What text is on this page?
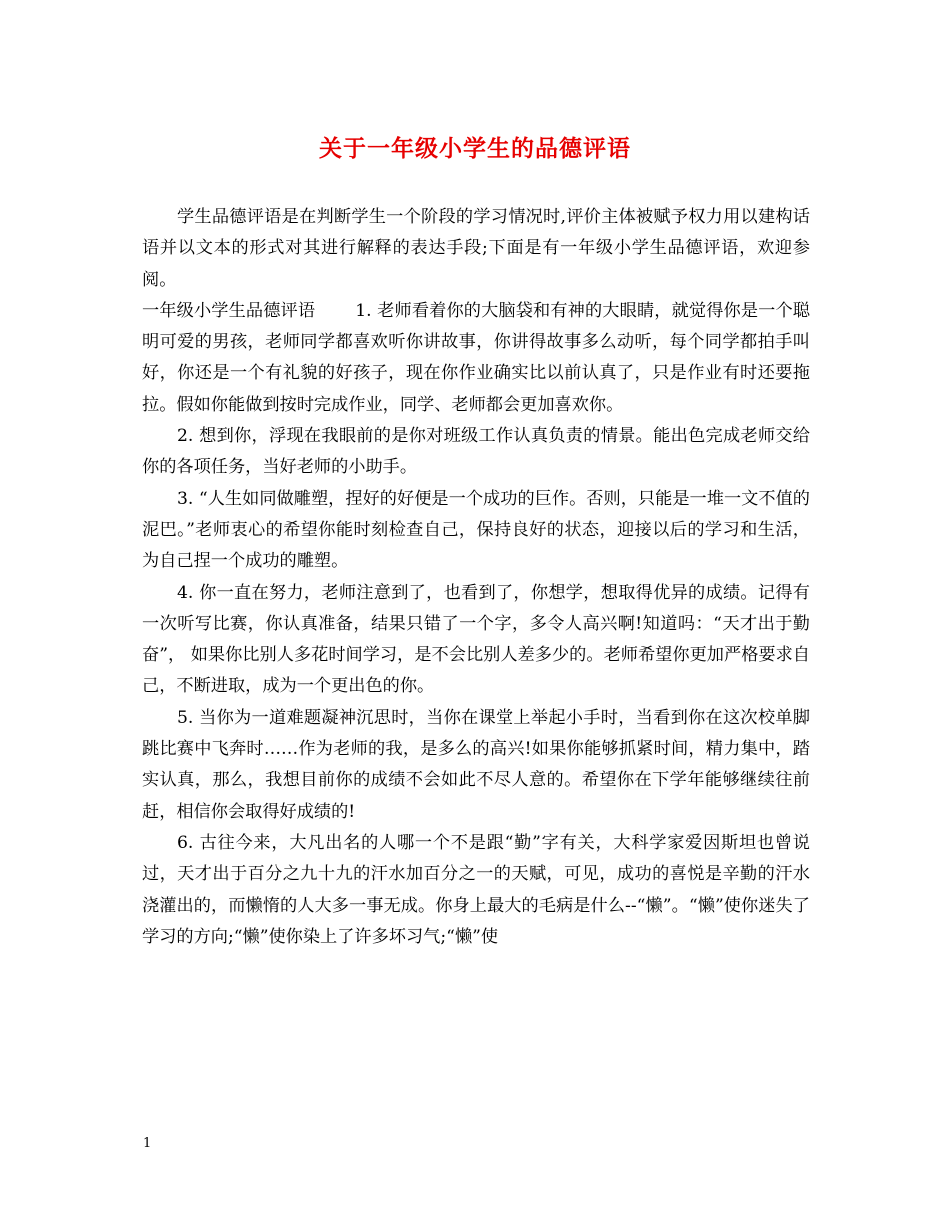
关于一年级小学生的品德评语

学生品德评语是在判断学生一个阶段的学习情况时,评价主体被赋予权力用以建构话语并以文本的形式对其进行解释的表达手段;下面是有一年级小学生品德评语，欢迎参阅。

一年级小学生品德评语 1. 老师看着你的大脑袋和有神的大眼睛，就觉得你是一个聪明可爱的男孩，老师同学都喜欢听你讲故事，你讲得故事多么动听，每个同学都拍手叫好，你还是一个有礼貌的好孩子，现在你作业确实比以前认真了，只是作业有时还要拖拉。假如你能做到按时完成作业，同学、老师都会更加喜欢你。

2. 想到你，浮现在我眼前的是你对班级工作认真负责的情景。能出色完成老师交给你的各项任务，当好老师的小助手。

3. “人生如同做雕塑，捏好的好便是一个成功的巨作。否则，只能是一堆一文不值的泥巴。”老师衷心的希望你能时刻检查自己，保持良好的状态，迎接以后的学习和生活，为自己捏一个成功的雕塑。

4. 你一直在努力，老师注意到了，也看到了，你想学，想取得优异的成绩。记得有一次听写比赛，你认真准备，结果只错了一个字，多令人高兴啊!知道吗：“天才出于勤奋”， 如果你比别人多花时间学习，是不会比别人差多少的。老师希望你更加严格要求自己，不断进取，成为一个更出色的你。

5. 当你为一道难题凝神沉思时，当你在课堂上举起小手时，当看到你在这次校单脚跳比赛中飞奔时……作为老师的我，是多么的高兴!如果你能够抓紧时间，精力集中，踏实认真，那么，我想目前你的成绩不会如此不尽人意的。希望你在下学年能够继续往前赶，相信你会取得好成绩的!

6. 古往今来，大凡出名的人哪一个不是跟“勤”字有关，大科学家爱因斯坦也曾说过，天才出于百分之九十九的汗水加百分之一的天赋，可见，成功的喜悦是辛勤的汗水浇灌出的，而懒惰的人大多一事无成。你身上最大的毛病是什么--“懒”。“懒”使你迷失了学习的方向;“懒”使你染上了许多坏习气;“懒”使

1
